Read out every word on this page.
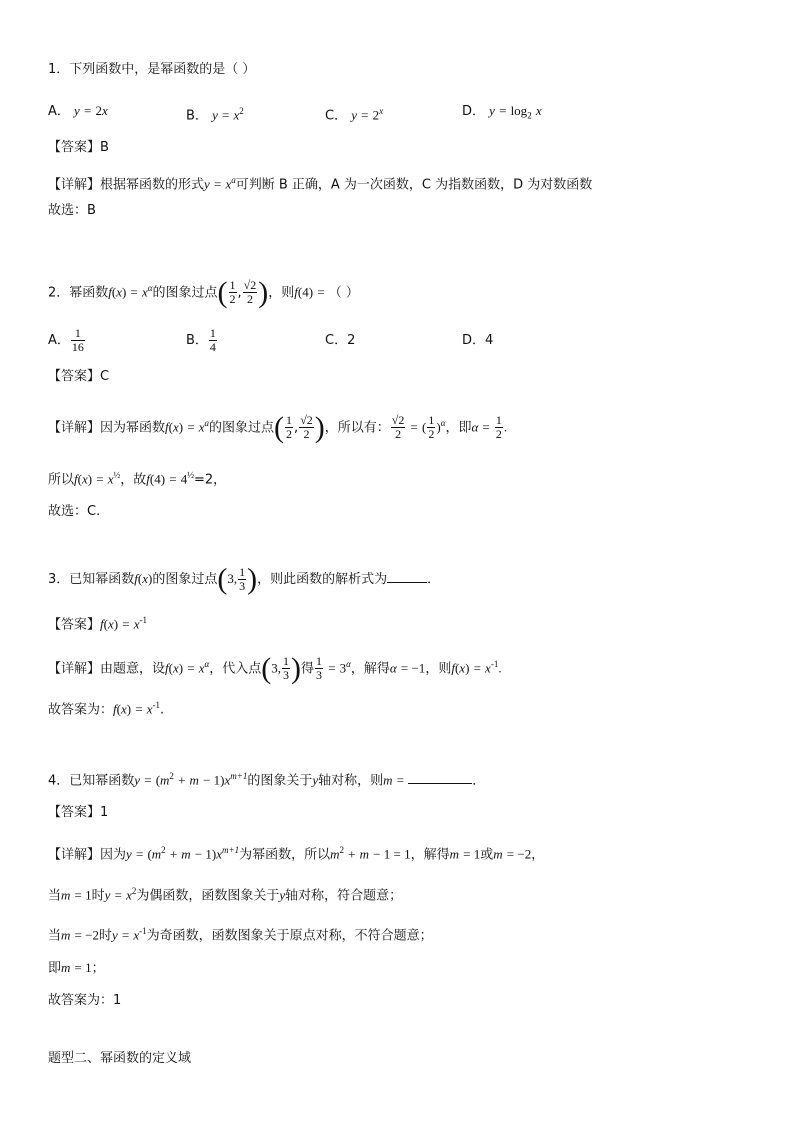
1．下列函数中，是幂函数的是（ ）
A． y = 2x	B． $y = x^2$	C． $y = 2^x$	D． $y = \log_2 x$
【答案】B
【详解】根据幂函数的形式$y = x^a$可判断 B 正确，A 为一次函数，C 为指数函数，D 为对数函数
故选：B
2．幂函数$f(x) = x^\alpha$的图象过点( $\frac{1}{2}$ , $\frac{√2}{2}$ )，则f(4) = （ ）
A． $\frac{1}{16}$	B． $\frac{1}{4}$	C．2	D．4
【答案】C
【详解】因为幂函数$f(x) = x^a$的图象过点( $\frac{1}{2}$ , $\frac{√2}{2}$ )，所以有： $\frac{√2}{2}$ = ( $\frac{1}{2} )^\alpha$，即$\alpha = \frac{1}{2}$ .
所以$f(x) = x^{\frac{1}{2}}$，故$f(4) = 4^{\frac{1}{2}}=2$，
故选：C.
3．已知幂函数f(x)的图象过点(3, $\frac{1}{3}$ )，则此函数的解析式为	．
【答案】$f(x) = x^{-1}$
【详解】由题意，设$f(x) = x^\alpha$，代入点(3, $\frac{1}{3}$ )得 $\frac{1}{3} = 3^\alpha$，解得α = −1，则$f(x) = x^{-1}$.
故答案为：$f(x) = x^{-1}$.
4．已知幂函数$y = (m^2 + m - 1)x^{m+1}$的图象关于y轴对称，则m =	．
【答案】1
【详解】因为$y = (m^2 + m - 1)x^{m+1}$为幂函数，所以$m^2 + m - 1 = 1$，解得m = 1或m = −2，
当m = 1时$y = x^2$为偶函数，函数图象关于y轴对称，符合题意；
当m = −2时$y = x^{-1}$为奇函数，函数图象关于原点对称，不符合题意；
即m = 1；
故答案为：1
题型二、幂函数的定义域
